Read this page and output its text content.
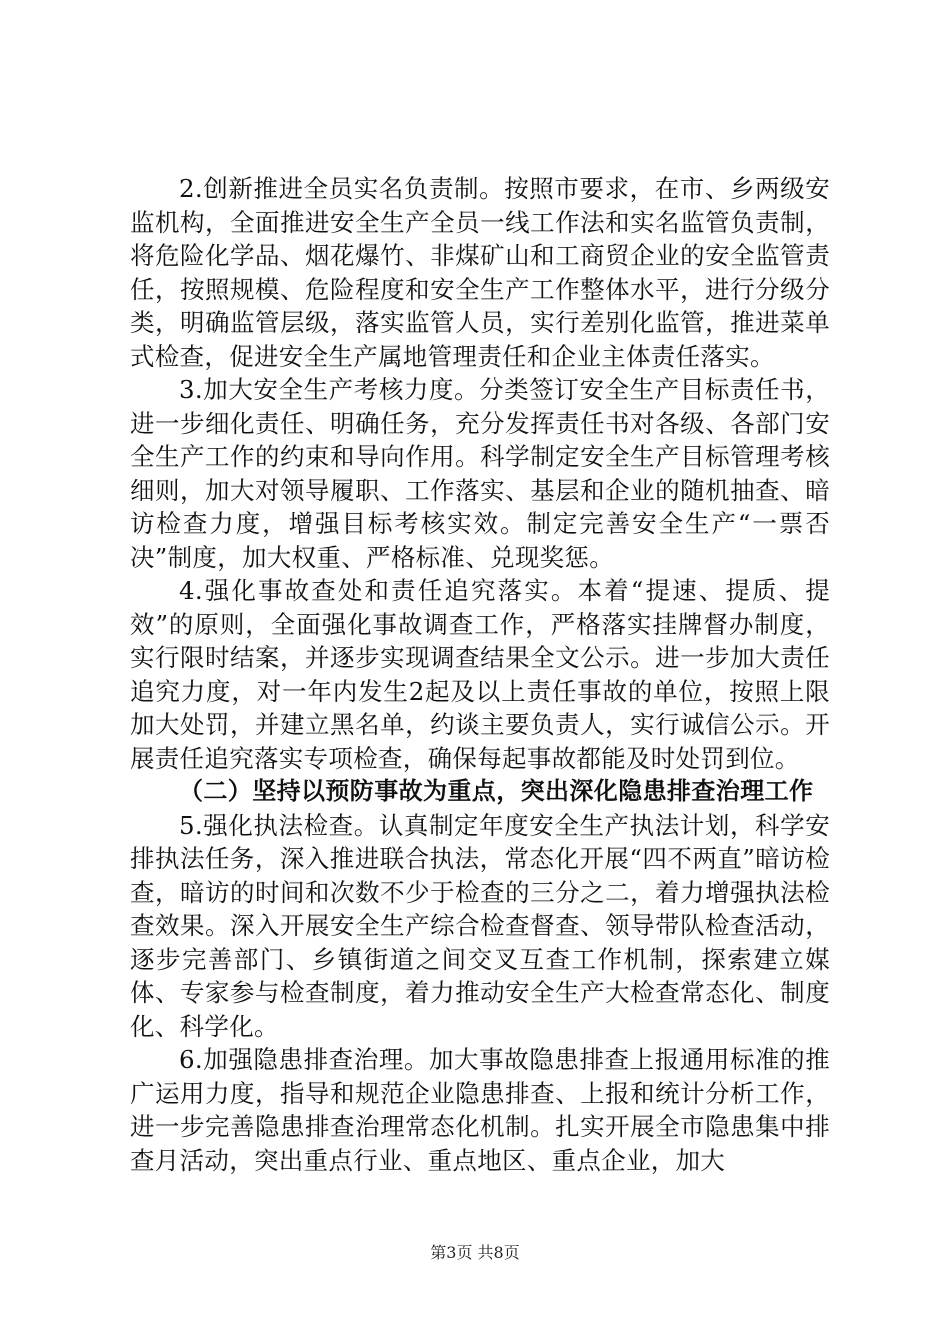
2.创新推进全员实名负责制。按照市要求，在市、乡两级安监机构，全面推进安全生产全员一线工作法和实名监管负责制，将危险化学品、烟花爆竹、非煤矿山和工商贸企业的安全监管责任，按照规模、危险程度和安全生产工作整体水平，进行分级分类，明确监管层级，落实监管人员，实行差别化监管，推进菜单式检查，促进安全生产属地管理责任和企业主体责任落实。

3.加大安全生产考核力度。分类签订安全生产目标责任书，进一步细化责任、明确任务，充分发挥责任书对各级、各部门安全生产工作的约束和导向作用。科学制定安全生产目标管理考核细则，加大对领导履职、工作落实、基层和企业的随机抽查、暗访检查力度，增强目标考核实效。制定完善安全生产“一票否决”制度，加大权重、严格标准、兑现奖惩。

4.强化事故查处和责任追究落实。本着“提速、提质、提效”的原则，全面强化事故调查工作，严格落实挂牌督办制度，实行限时结案，并逐步实现调查结果全文公示。进一步加大责任追究力度，对一年内发生2起及以上责任事故的单位，按照上限加大处罚，并建立黑名单，约谈主要负责人，实行诚信公示。开展责任追究落实专项检查，确保每起事故都能及时处罚到位。

（二）坚持以预防事故为重点，突出深化隐患排查治理工作

5.强化执法检查。认真制定年度安全生产执法计划，科学安排执法任务，深入推进联合执法，常态化开展“四不两直”暗访检查，暗访的时间和次数不少于检查的三分之二，着力增强执法检查效果。深入开展安全生产综合检查督查、领导带队检查活动，逐步完善部门、乡镇街道之间交叉互查工作机制，探索建立媒体、专家参与检查制度，着力推动安全生产大检查常态化、制度化、科学化。

6.加强隐患排查治理。加大事故隐患排查上报通用标准的推广运用力度，指导和规范企业隐患排查、上报和统计分析工作，进一步完善隐患排查治理常态化机制。扎实开展全市隐患集中排查月活动，突出重点行业、重点地区、重点企业，加大

第3页 共8页
